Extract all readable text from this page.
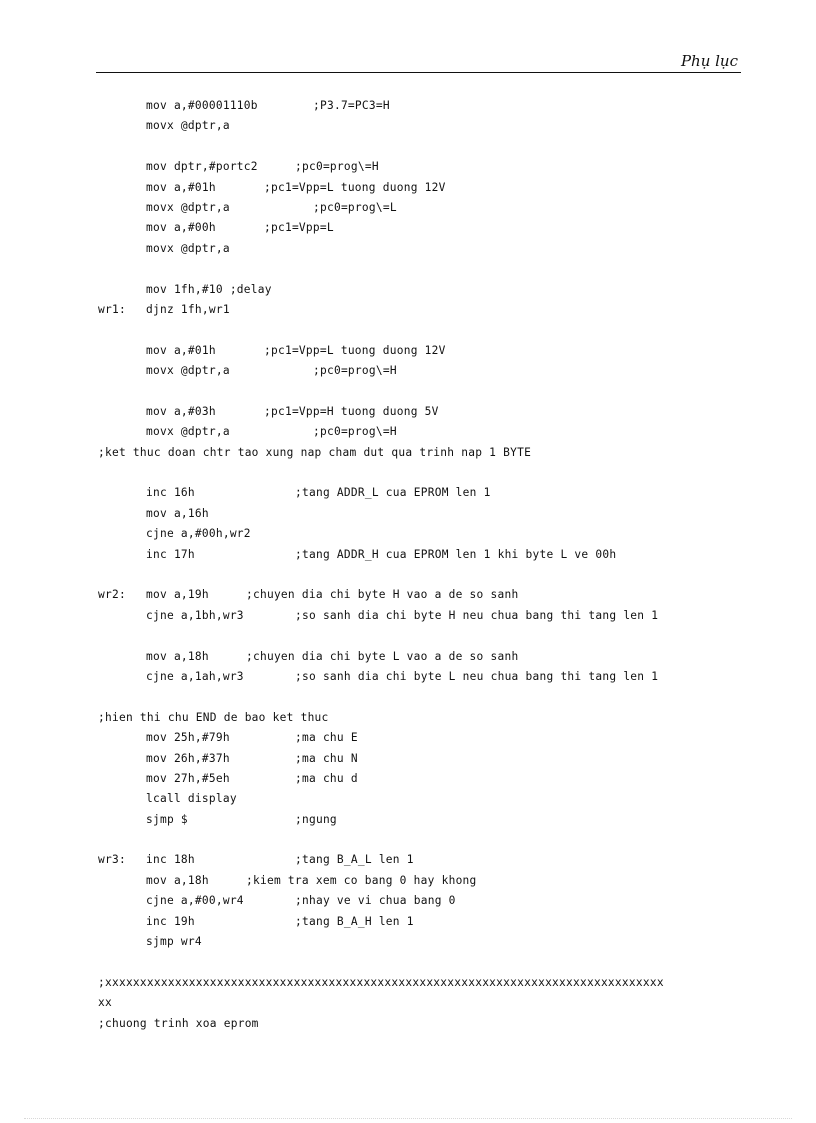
Phụ lục
mov a,#00001110b	;P3.7=PC3=H
movx @dptr,a
mov dptr,#portc2	;pc0=prog\=H
mov a,#01h	;pc1=Vpp=L tuong duong 12V
movx @dptr,a	;pc0=prog\=L
mov a,#00h	;pc1=Vpp=L
movx @dptr,a
mov 1fh,#10 ;delay
wr1: djnz 1fh,wr1
mov a,#01h	;pc1=Vpp=L tuong duong 12V
movx @dptr,a	;pc0=prog\=H
mov a,#03h	;pc1=Vpp=H tuong duong 5V
movx @dptr,a	;pc0=prog\=H
;ket thuc doan chtr tao xung nap cham dut qua trinh nap 1 BYTE
inc 16h	;tang ADDR_L cua EPROM len 1
mov a,16h
cjne a,#00h,wr2
inc 17h	;tang ADDR_H cua EPROM len 1 khi byte L ve 00h
wr2: mov a,19h	;chuyen dia chi byte H vao a de so sanh
cjne a,1bh,wr3	;so sanh dia chi byte H neu chua bang thi tang len 1
mov a,18h	;chuyen dia chi byte L vao a de so sanh
cjne a,1ah,wr3	;so sanh dia chi byte L neu chua bang thi tang len 1
;hien thi chu END de bao ket thuc
mov 25h,#79h	;ma chu E
mov 26h,#37h	;ma chu N
mov 27h,#5eh	;ma chu d
lcall display
sjmp $	;ngung
wr3: inc 18h	;tang B_A_L len 1
mov a,18h	;kiem tra xem co bang 0 hay khong
cjne a,#00,wr4	;nhay ve vi chua bang 0
inc 19h	;tang B_A_H len 1
sjmp wr4
;xxxxxxxxxxxxxxxxxxxxxxxxxxxxxxxxxxxxxxxxxxxxxxxxxxxxxxxxxxxxxxxxxxxxxxxxxxxxxxxx
xx
;chuong trinh xoa eprom
